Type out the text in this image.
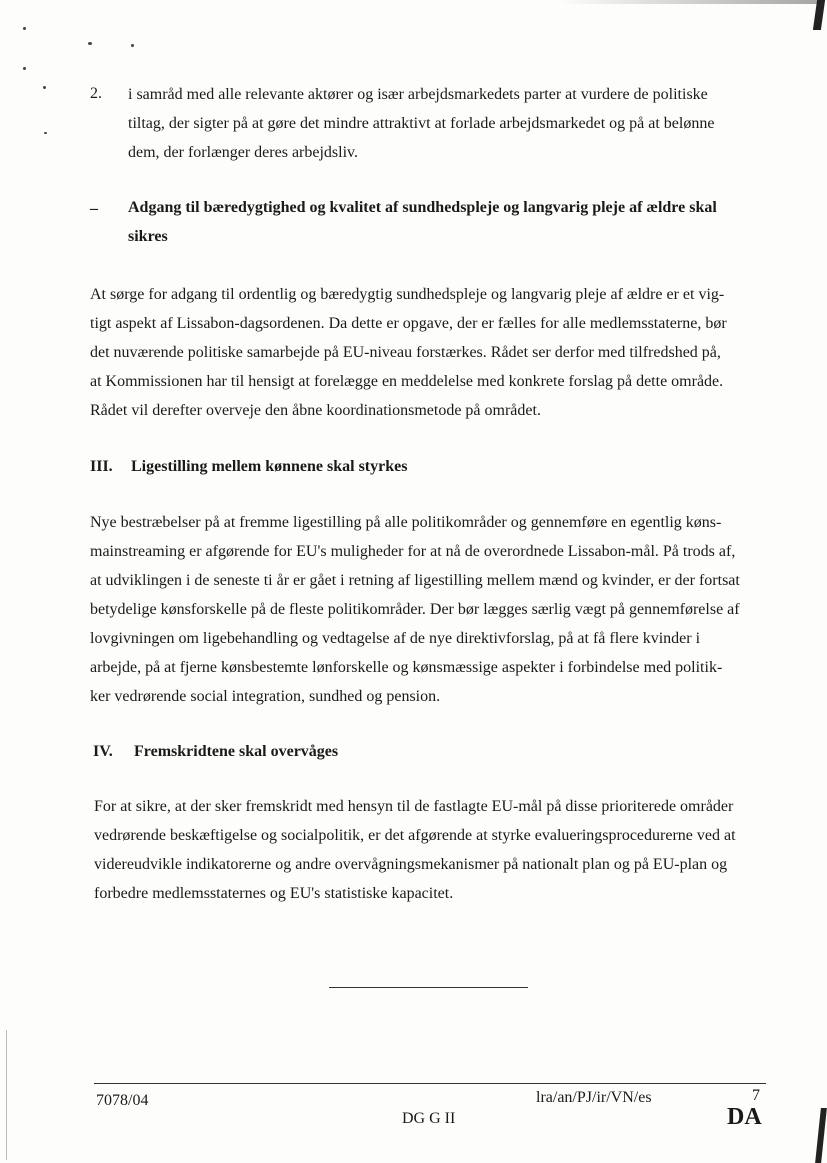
2. i samråd med alle relevante aktører og især arbejdsmarkedets parter at vurdere de politiske
tiltag, der sigter på at gøre det mindre attraktivt at forlade arbejdsmarkedet og på at belønne
dem, der forlænger deres arbejdsliv.
– Adgang til bæredygtighed og kvalitet af sundhedspleje og langvarig pleje af ældre skal
sikres
At sørge for adgang til ordentlig og bæredygtig sundhedspleje og langvarig pleje af ældre er et vig-
tigt aspekt af Lissabon-dagsordenen. Da dette er opgave, der er fælles for alle medlemsstaterne, bør
det nuværende politiske samarbejde på EU-niveau forstærkes. Rådet ser derfor med tilfredshed på,
at Kommissionen har til hensigt at forelægge en meddelelse med konkrete forslag på dette område.
Rådet vil derefter overveje den åbne koordinationsmetode på området.
III. Ligestilling mellem kønnene skal styrkes
Nye bestræbelser på at fremme ligestilling på alle politikområder og gennemføre en egentlig køns-
mainstreaming er afgørende for EU's muligheder for at nå de overordnede Lissabon-mål. På trods af,
at udviklingen i de seneste ti år er gået i retning af ligestilling mellem mænd og kvinder, er der fortsat
betydelige kønsforskelle på de fleste politikområder. Der bør lægges særlig vægt på gennemførelse af
lovgivningen om ligebehandling og vedtagelse af de nye direktivforslag, på at få flere kvinder i
arbejde, på at fjerne kønsbestemte lønforskelle og kønsmæssige aspekter i forbindelse med politik-
ker vedrørende social integration, sundhed og pension.
IV. Fremskridtene skal overvåges
For at sikre, at der sker fremskridt med hensyn til de fastlagte EU-mål på disse prioriterede områder
vedrørende beskæftigelse og socialpolitik, er det afgørende at styrke evalueringsprocedurerne ved at
videreudvikle indikatorerne og andre overvågningsmekanismer på nationalt plan og på EU-plan og
forbedre medlemsstaternes og EU's statistiske kapacitet.
7078/04	lra/an/PJ/ir/VN/es	7
DG G II	DA
